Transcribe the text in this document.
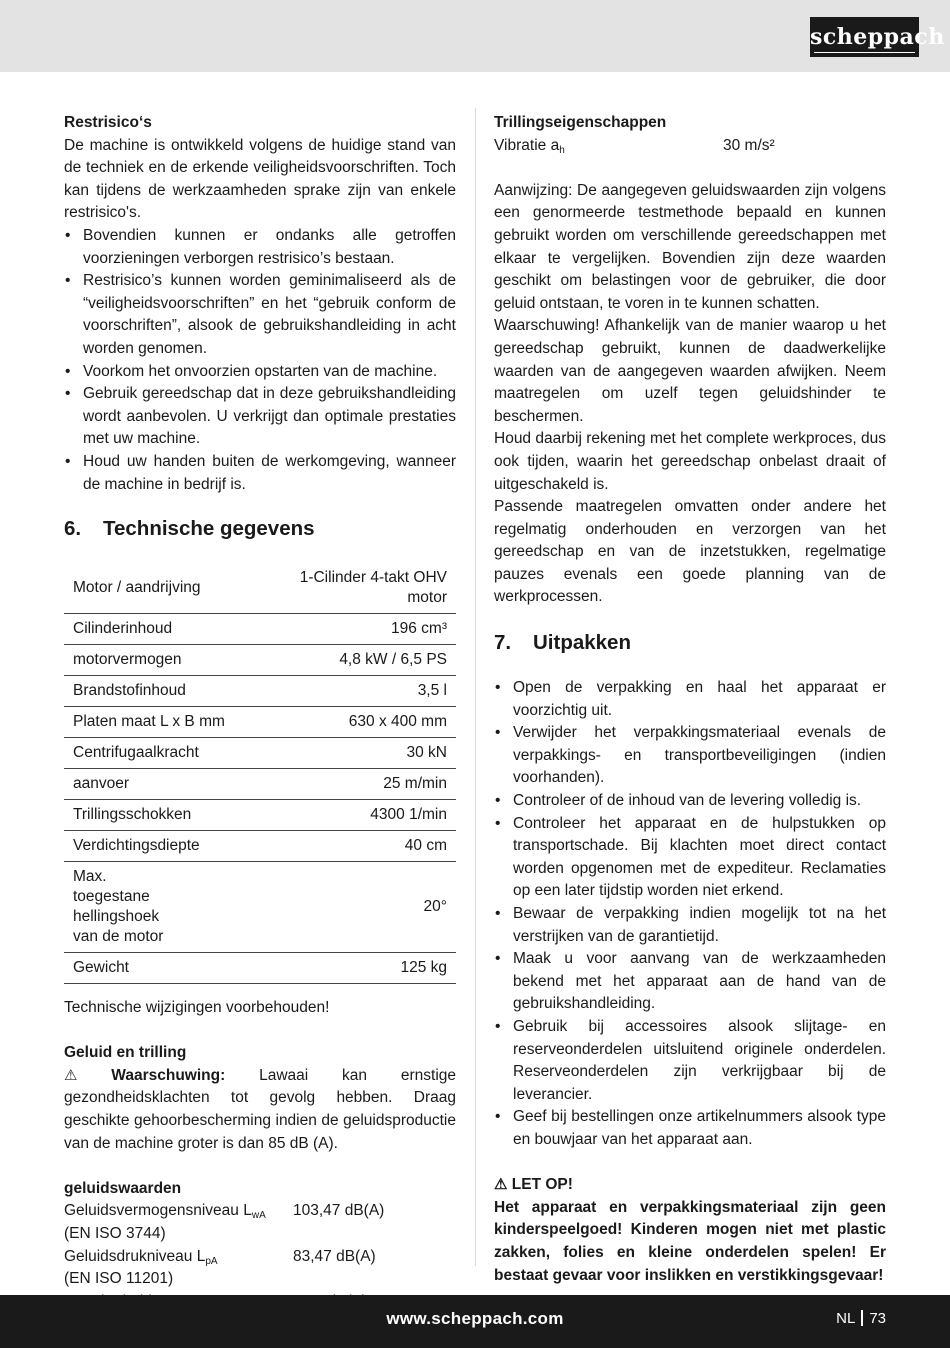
scheppach

Restrisico‘s

De machine is ontwikkeld volgens de huidige stand van de techniek en de erkende veiligheidsvoorschriften. Toch kan tijdens de werkzaamheden sprake zijn van enkele restrisico's.

• Bovendien kunnen er ondanks alle getroffen voorzieningen verborgen restrisico’s bestaan.
• Restrisico’s kunnen worden geminimaliseerd als de “veiligheidsvoorschriften” en het “gebruik conform de voorschriften”, alsook de gebruikshandleiding in acht worden genomen.
• Voorkom het onvoorzien opstarten van de machine.
• Gebruik gereedschap dat in deze gebruikshandleiding wordt aanbevolen. U verkrijgt dan optimale prestaties met uw machine.
• Houd uw handen buiten de werkomgeving, wanneer de machine in bedrijf is.
6. Technische gegevens
Motor / aandrijving	1-Cilinder 4-takt OHV motor
Cilinderinhoud	196 cm³
motorvermogen	4,8 kW / 6,5 PS
Brandstofinhoud	3,5 l
Platen maat L x B mm	630 x 400 mm
Centrifugaalkracht	30 kN
aanvoer	25 m/min
Trillingsschokken	4300 1/min
Verdichtingsdiepte	40 cm
Max. toegestane hellingshoek van de motor	20°
Gewicht	125 kg

Technische wijzigingen voorbehouden!

Geluid en trilling

⚠ Waarschuwing: Lawaai kan ernstige gezondheidsklachten tot gevolg hebben. Draag geschikte gehoorbescherming indien de geluidsproductie van de machine groter is dan 85 dB (A).

geluidswaarden

Geluidsvermogensniveau $L_{wA}$	103,47 dB(A)
(EN ISO 3744)
Geluidsdrukniveau $L_{pA}$	83,47 dB(A)
(EN ISO 11201)

Trillingseigenschappen

Vibratie $a_h$	30 m/s²

Aanwijzing: De aangegeven geluidswaarden zijn volgens een genormeerde testmethode bepaald en kunnen gebruikt worden om verschillende gereedschappen met elkaar te vergelijken. Bovendien zijn deze waarden geschikt om belastingen voor de gebruiker, die door geluid ontstaan, te voren in te kunnen schatten.

Waarschuwing! Afhankelijk van de manier waarop u het gereedschap gebruikt, kunnen de daadwerkelijke waarden van de aangegeven waarden afwijken. Neem maatregelen om uzelf tegen geluidshinder te beschermen.

Houd daarbij rekening met het complete werkproces, dus ook tijden, waarin het gereedschap onbelast draait of uitgeschakeld is.

Passende maatregelen omvatten onder andere het regelmatig onderhouden en verzorgen van het gereedschap en van de inzetstukken, regelmatige pauzes evenals een goede planning van de werkprocessen.

7. Uitpakken
• Open de verpakking en haal het apparaat er voorzichtig uit.
• Verwijder het verpakkingsmateriaal evenals de verpakkings- en transportbeveiligingen (indien voorhanden).
• Controleer of de inhoud van de levering volledig is.
• Controleer het apparaat en de hulpstukken op transportschade. Bij klachten moet direct contact worden opgenomen met de expediteur. Reclamaties op een later tijdstip worden niet erkend.
• Bewaar de verpakking indien mogelijk tot na het verstrijken van de garantietijd.
• Maak u voor aanvang van de werkzaamheden bekend met het apparaat aan de hand van de gebruikshandleiding.
• Gebruik bij accessoires alsook slijtage- en reserveonderdelen uitsluitend originele onderdelen. Reserveonderdelen zijn verkrijgbaar bij de leverancier.
• Geef bij bestellingen onze artikelnummers alsook type en bouwjaar van het apparaat aan.

⚠ LET OP!

Het apparaat en verpakkingsmateriaal zijn geen kinderspeelgoed! Kinderen mogen niet met plastic zakken, folies en kleine onderdelen spelen! Er bestaat gevaar voor inslikken en verstikkingsgevaar!

www.scheppach.com	NL 73
